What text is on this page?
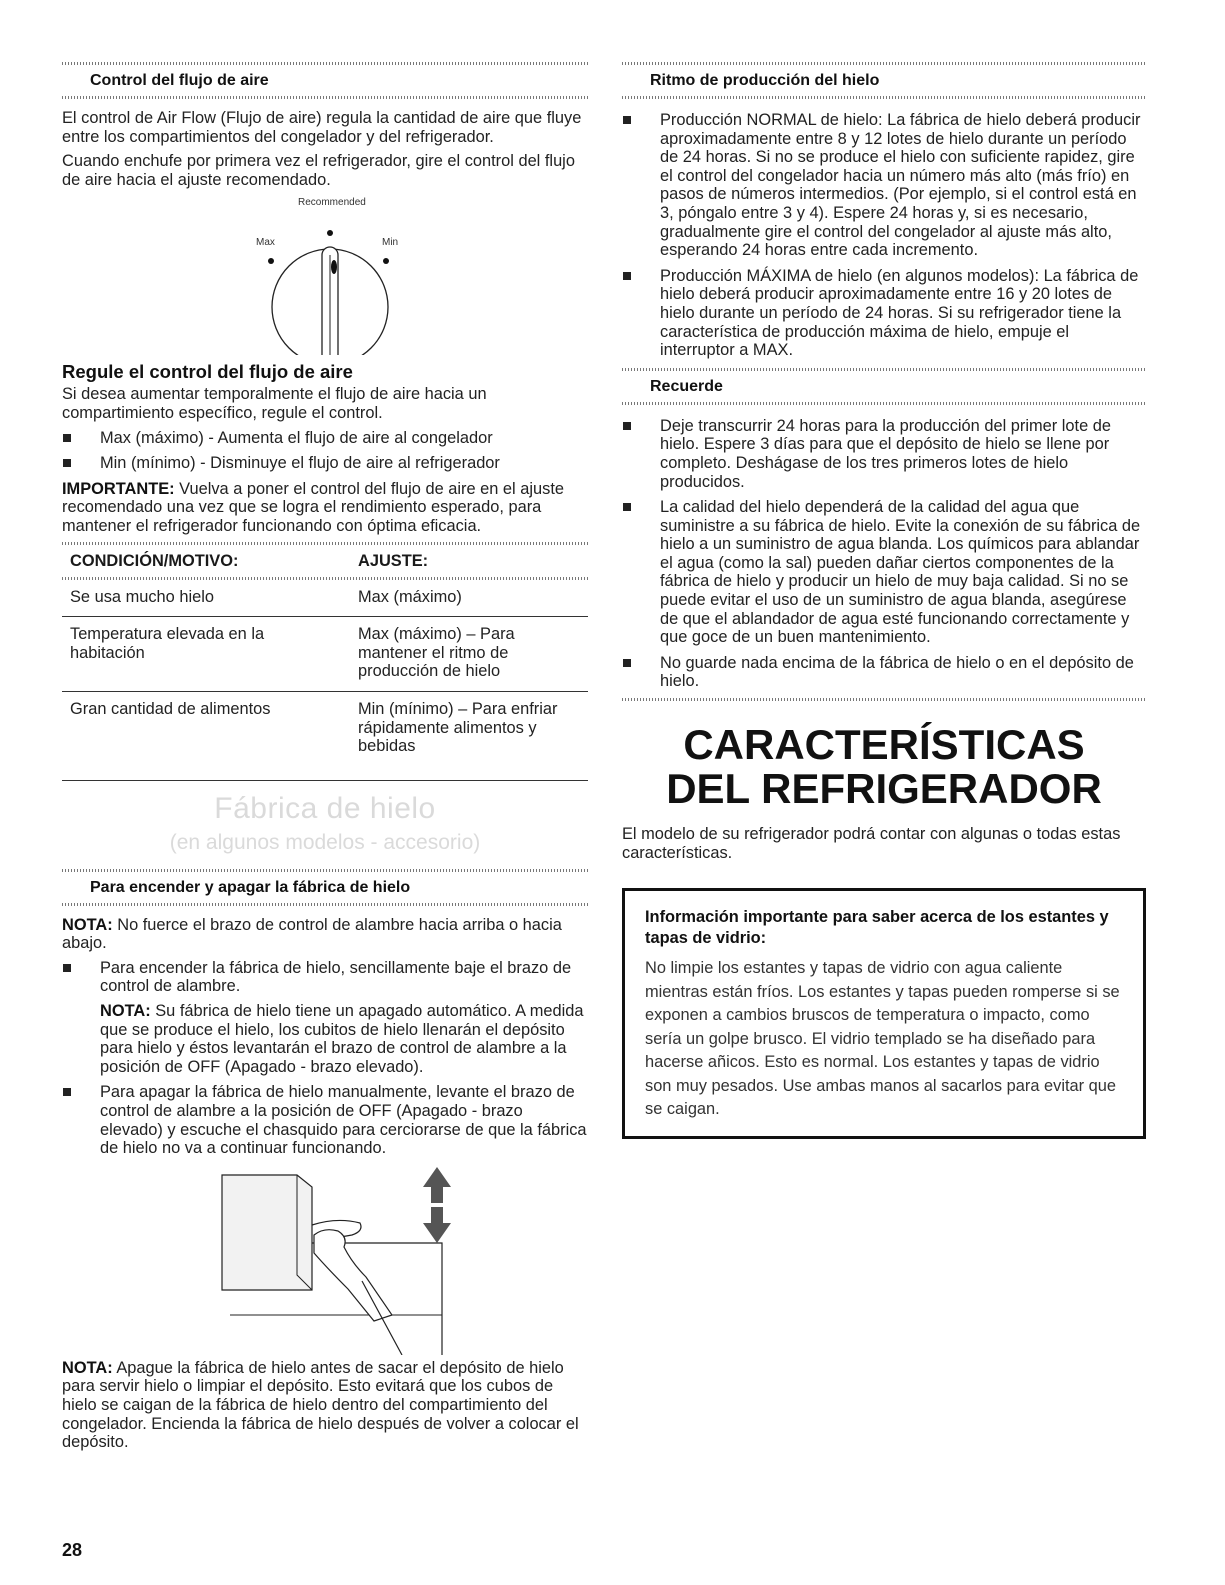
Control del flujo de aire

El control de Air Flow (Flujo de aire) regula la cantidad de aire que fluye entre los compartimientos del congelador y del refrigerador.

Cuando enchufe por primera vez el refrigerador, gire el control del flujo de aire hacia el ajuste recomendado.

Recommended
Max	Min
Regule el control del flujo de aire

Si desea aumentar temporalmente el flujo de aire hacia un compartimiento específico, regule el control.

Max (máximo) - Aumenta el flujo de aire al congelador
Min (mínimo) - Disminuye el flujo de aire al refrigerador

IMPORTANTE: Vuelva a poner el control del flujo de aire en el ajuste recomendado una vez que se logra el rendimiento esperado, para mantener el refrigerador funcionando con óptima eficacia.

CONDICIÓN/MOTIVO:	AJUSTE:
Se usa mucho hielo	Max (máximo)
Temperatura elevada en la habitación	Max (máximo) – Para mantener el ritmo de producción de hielo
Gran cantidad de alimentos	Min (mínimo) – Para enfriar rápidamente alimentos y bebidas
Fábrica de hielo
(en algunos modelos - accesorio)
Para encender y apagar la fábrica de hielo

NOTA: No fuerce el brazo de control de alambre hacia arriba o hacia abajo.

Para encender la fábrica de hielo, sencillamente baje el brazo de control de alambre.

NOTA: Su fábrica de hielo tiene un apagado automático. A medida que se produce el hielo, los cubitos de hielo llenarán el depósito para hielo y éstos levantarán el brazo de control de alambre a la posición de OFF (Apagado - brazo elevado).

Para apagar la fábrica de hielo manualmente, levante el brazo de control de alambre a la posición de OFF (Apagado - brazo elevado) y escuche el chasquido para cerciorarse de que la fábrica de hielo no va a continuar funcionando.

NOTA: Apague la fábrica de hielo antes de sacar el depósito de hielo para servir hielo o limpiar el depósito. Esto evitará que los cubos de hielo se caigan de la fábrica de hielo dentro del compartimiento del congelador. Encienda la fábrica de hielo después de volver a colocar el depósito.

Ritmo de producción del hielo
Producción NORMAL de hielo: La fábrica de hielo deberá producir aproximadamente entre 8 y 12 lotes de hielo durante un período de 24 horas. Si no se produce el hielo con suficiente rapidez, gire el control del congelador hacia un número más alto (más frío) en pasos de números intermedios. (Por ejemplo, si el control está en 3, póngalo entre 3 y 4). Espere 24 horas y, si es necesario, gradualmente gire el control del congelador al ajuste más alto, esperando 24 horas entre cada incremento.
Producción MÁXIMA de hielo (en algunos modelos): La fábrica de hielo deberá producir aproximadamente entre 16 y 20 lotes de hielo durante un período de 24 horas. Si su refrigerador tiene la característica de producción máxima de hielo, empuje el interruptor a MAX.
Recuerde
Deje transcurrir 24 horas para la producción del primer lote de hielo. Espere 3 días para que el depósito de hielo se llene por completo. Deshágase de los tres primeros lotes de hielo producidos.
La calidad del hielo dependerá de la calidad del agua que suministre a su fábrica de hielo. Evite la conexión de su fábrica de hielo a un suministro de agua blanda. Los químicos para ablandar el agua (como la sal) pueden dañar ciertos componentes de la fábrica de hielo y producir un hielo de muy baja calidad. Si no se puede evitar el uso de un suministro de agua blanda, asegúrese de que el ablandador de agua esté funcionando correctamente y que goce de un buen mantenimiento.
No guarde nada encima de la fábrica de hielo o en el depósito de hielo.
CARACTERÍSTICAS
DEL REFRIGERADOR

El modelo de su refrigerador podrá contar con algunas o todas estas características.

Información importante para saber acerca de los estantes y tapas de vidrio:
No limpie los estantes y tapas de vidrio con agua caliente mientras están fríos. Los estantes y tapas pueden romperse si se exponen a cambios bruscos de temperatura o impacto, como sería un golpe brusco. El vidrio templado se ha diseñado para hacerse añicos. Esto es normal. Los estantes y tapas de vidrio son muy pesados. Use ambas manos al sacarlos para evitar que se caigan.
28
